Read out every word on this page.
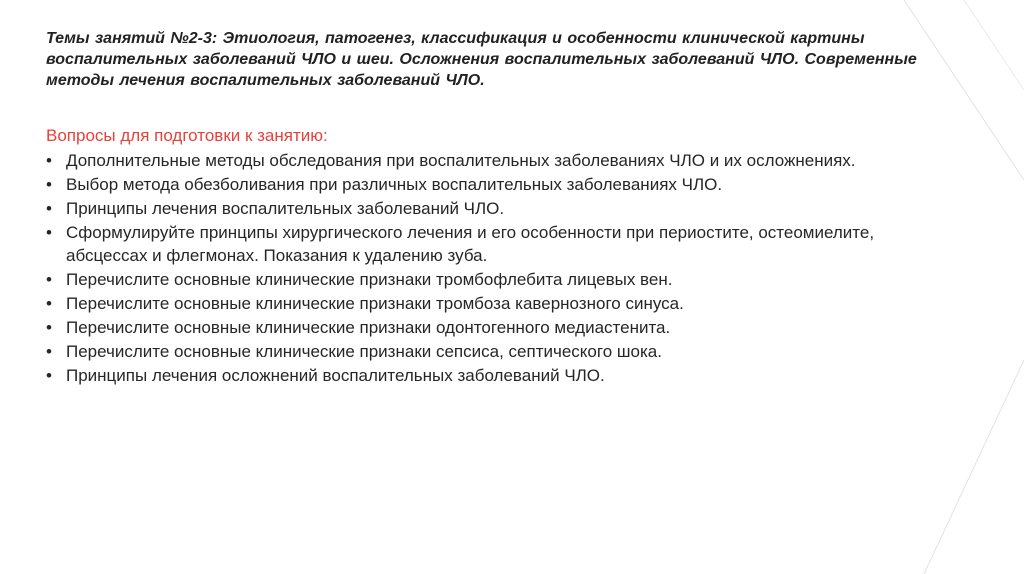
Темы занятий №2-3: Этиология, патогенез, классификация и особенности клинической картины воспалительных заболеваний ЧЛО и шеи. Осложнения воспалительных заболеваний ЧЛО. Современные методы лечения воспалительных заболеваний ЧЛО.

Вопросы для подготовки к занятию:

• Дополнительные методы обследования при воспалительных заболеваниях ЧЛО и их осложнениях.
• Выбор метода обезболивания при различных воспалительных заболеваниях ЧЛО.
• Принципы лечения воспалительных заболеваний ЧЛО.
• Сформулируйте принципы хирургического лечения и его особенности при периостите, остеомиелите, абсцессах и флегмонах. Показания к удалению зуба.
• Перечислите основные клинические признаки тромбофлебита лицевых вен.
• Перечислите основные клинические признаки тромбоза кавернозного синуса.
• Перечислите основные клинические признаки одонтогенного медиастенита.
• Перечислите основные клинические признаки сепсиса, септического шока.
• Принципы лечения осложнений воспалительных заболеваний ЧЛО.
